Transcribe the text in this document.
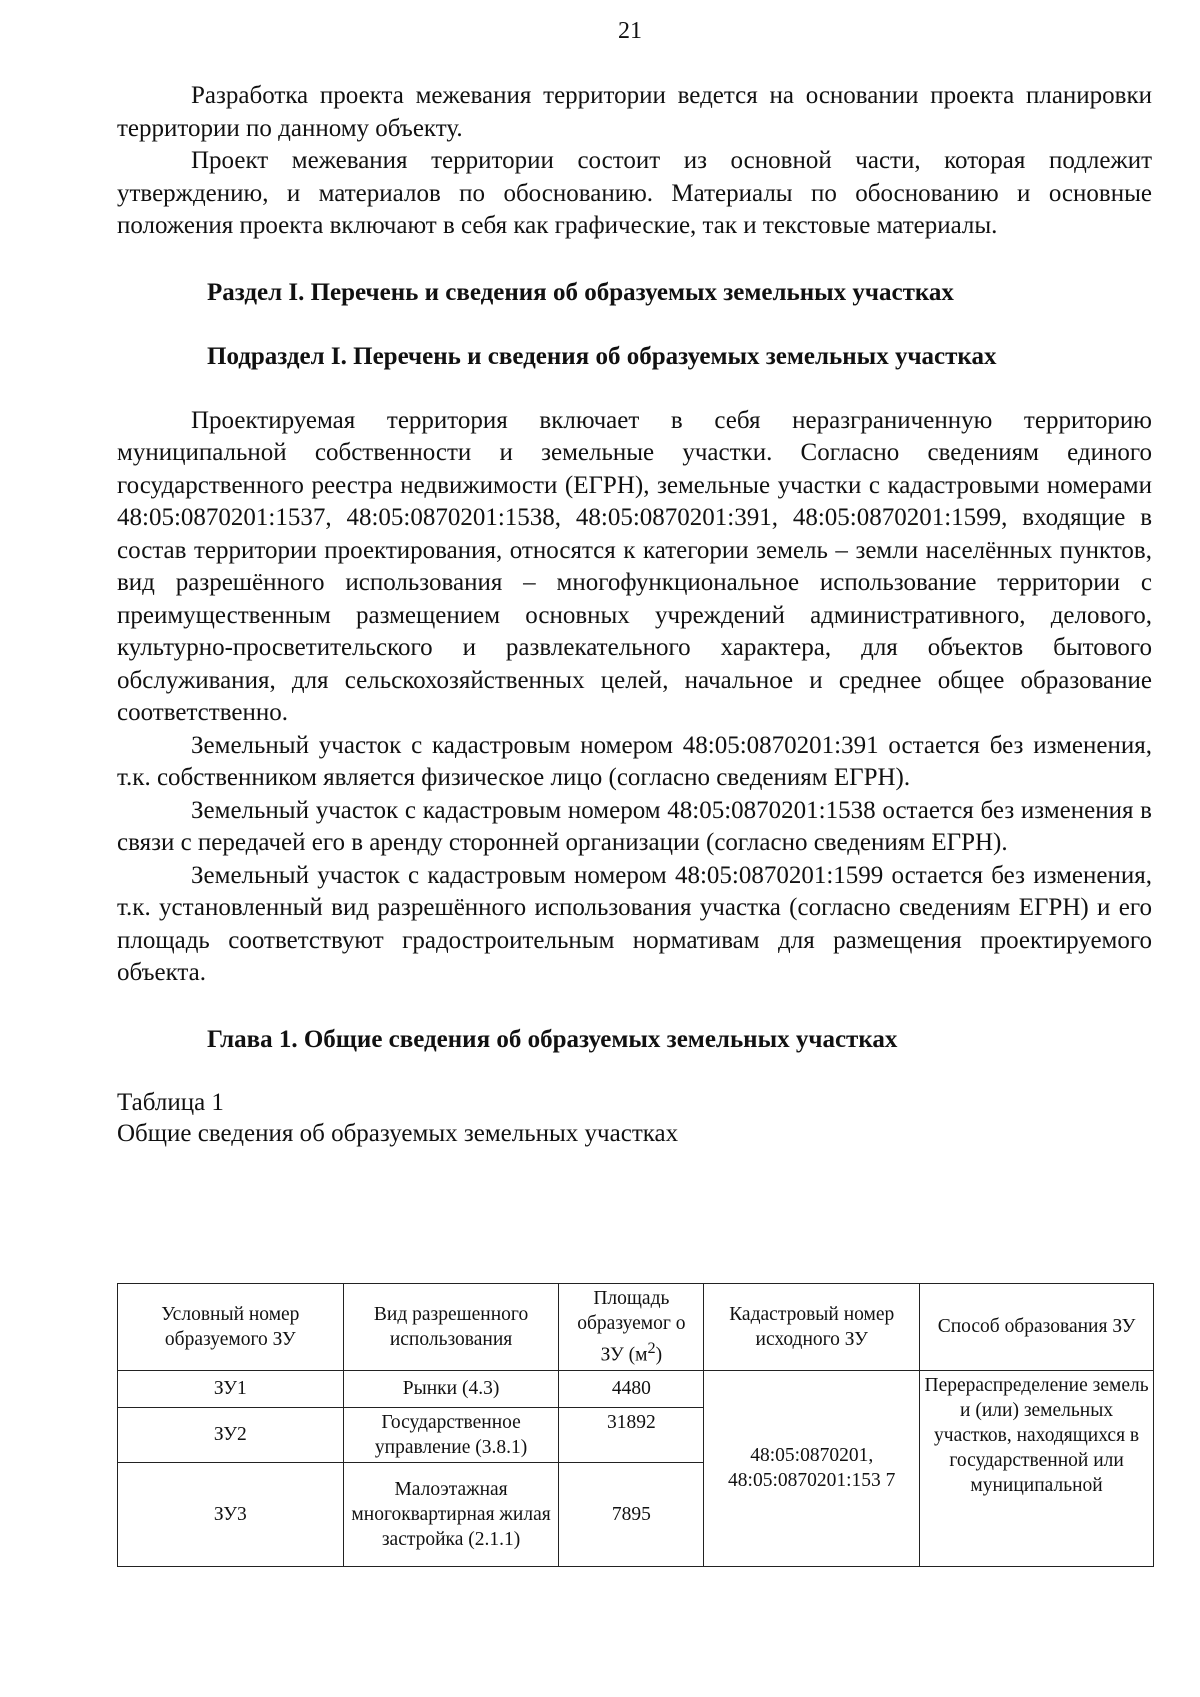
21

Разработка проекта межевания территории ведется на основании проекта планировки территории по данному объекту.

Проект межевания территории состоит из основной части, которая подлежит утверждению, и материалов по обоснованию. Материалы по обоснованию и основные положения проекта включают в себя как графические, так и текстовые материалы.

Раздел I. Перечень и сведения об образуемых земельных участках

Подраздел I. Перечень и сведения об образуемых земельных участках

Проектируемая территория включает в себя неразграниченную территорию муниципальной собственности и земельные участки. Согласно сведениям единого государственного реестра недвижимости (ЕГРН), земельные участки с кадастровыми номерами 48:05:0870201:1537, 48:05:0870201:1538, 48:05:0870201:391, 48:05:0870201:1599, входящие в состав территории проектирования, относятся к категории земель – земли населённых пунктов, вид разрешённого использования – многофункциональное использование территории с преимущественным размещением основных учреждений административного, делового, культурно-просветительского и развлекательного характера, для объектов бытового обслуживания, для сельскохозяйственных целей, начальное и среднее общее образование соответственно.

Земельный участок с кадастровым номером 48:05:0870201:391 остается без изменения, т.к. собственником является физическое лицо (согласно сведениям ЕГРН).

Земельный участок с кадастровым номером 48:05:0870201:1538 остается без изменения в связи с передачей его в аренду сторонней организации (согласно сведениям ЕГРН).

Земельный участок с кадастровым номером 48:05:0870201:1599 остается без изменения, т.к. установленный вид разрешённого использования участка (согласно сведениям ЕГРН) и его площадь соответствуют градостроительным нормативам для размещения проектируемого объекта.

Глава 1. Общие сведения об образуемых земельных участках

Таблица 1

Общие сведения об образуемых земельных участках

Условный номер образуемого ЗУ	Вид разрешенного использования	Площадь образуемог о ЗУ $(м^2)$	Кадастровый номер исходного ЗУ	Способ образования ЗУ
ЗУ1	Рынки (4.3)	4480	48:05:0870201, 48:05:0870201:153 7	Перераспределение земель и (или) земельных участков, находящихся в государственной или муниципальной
ЗУ2	Государственное управление (3.8.1)	31892		
ЗУ3	Малоэтажная многоквартирная жилая застройка (2.1.1)	7895		
